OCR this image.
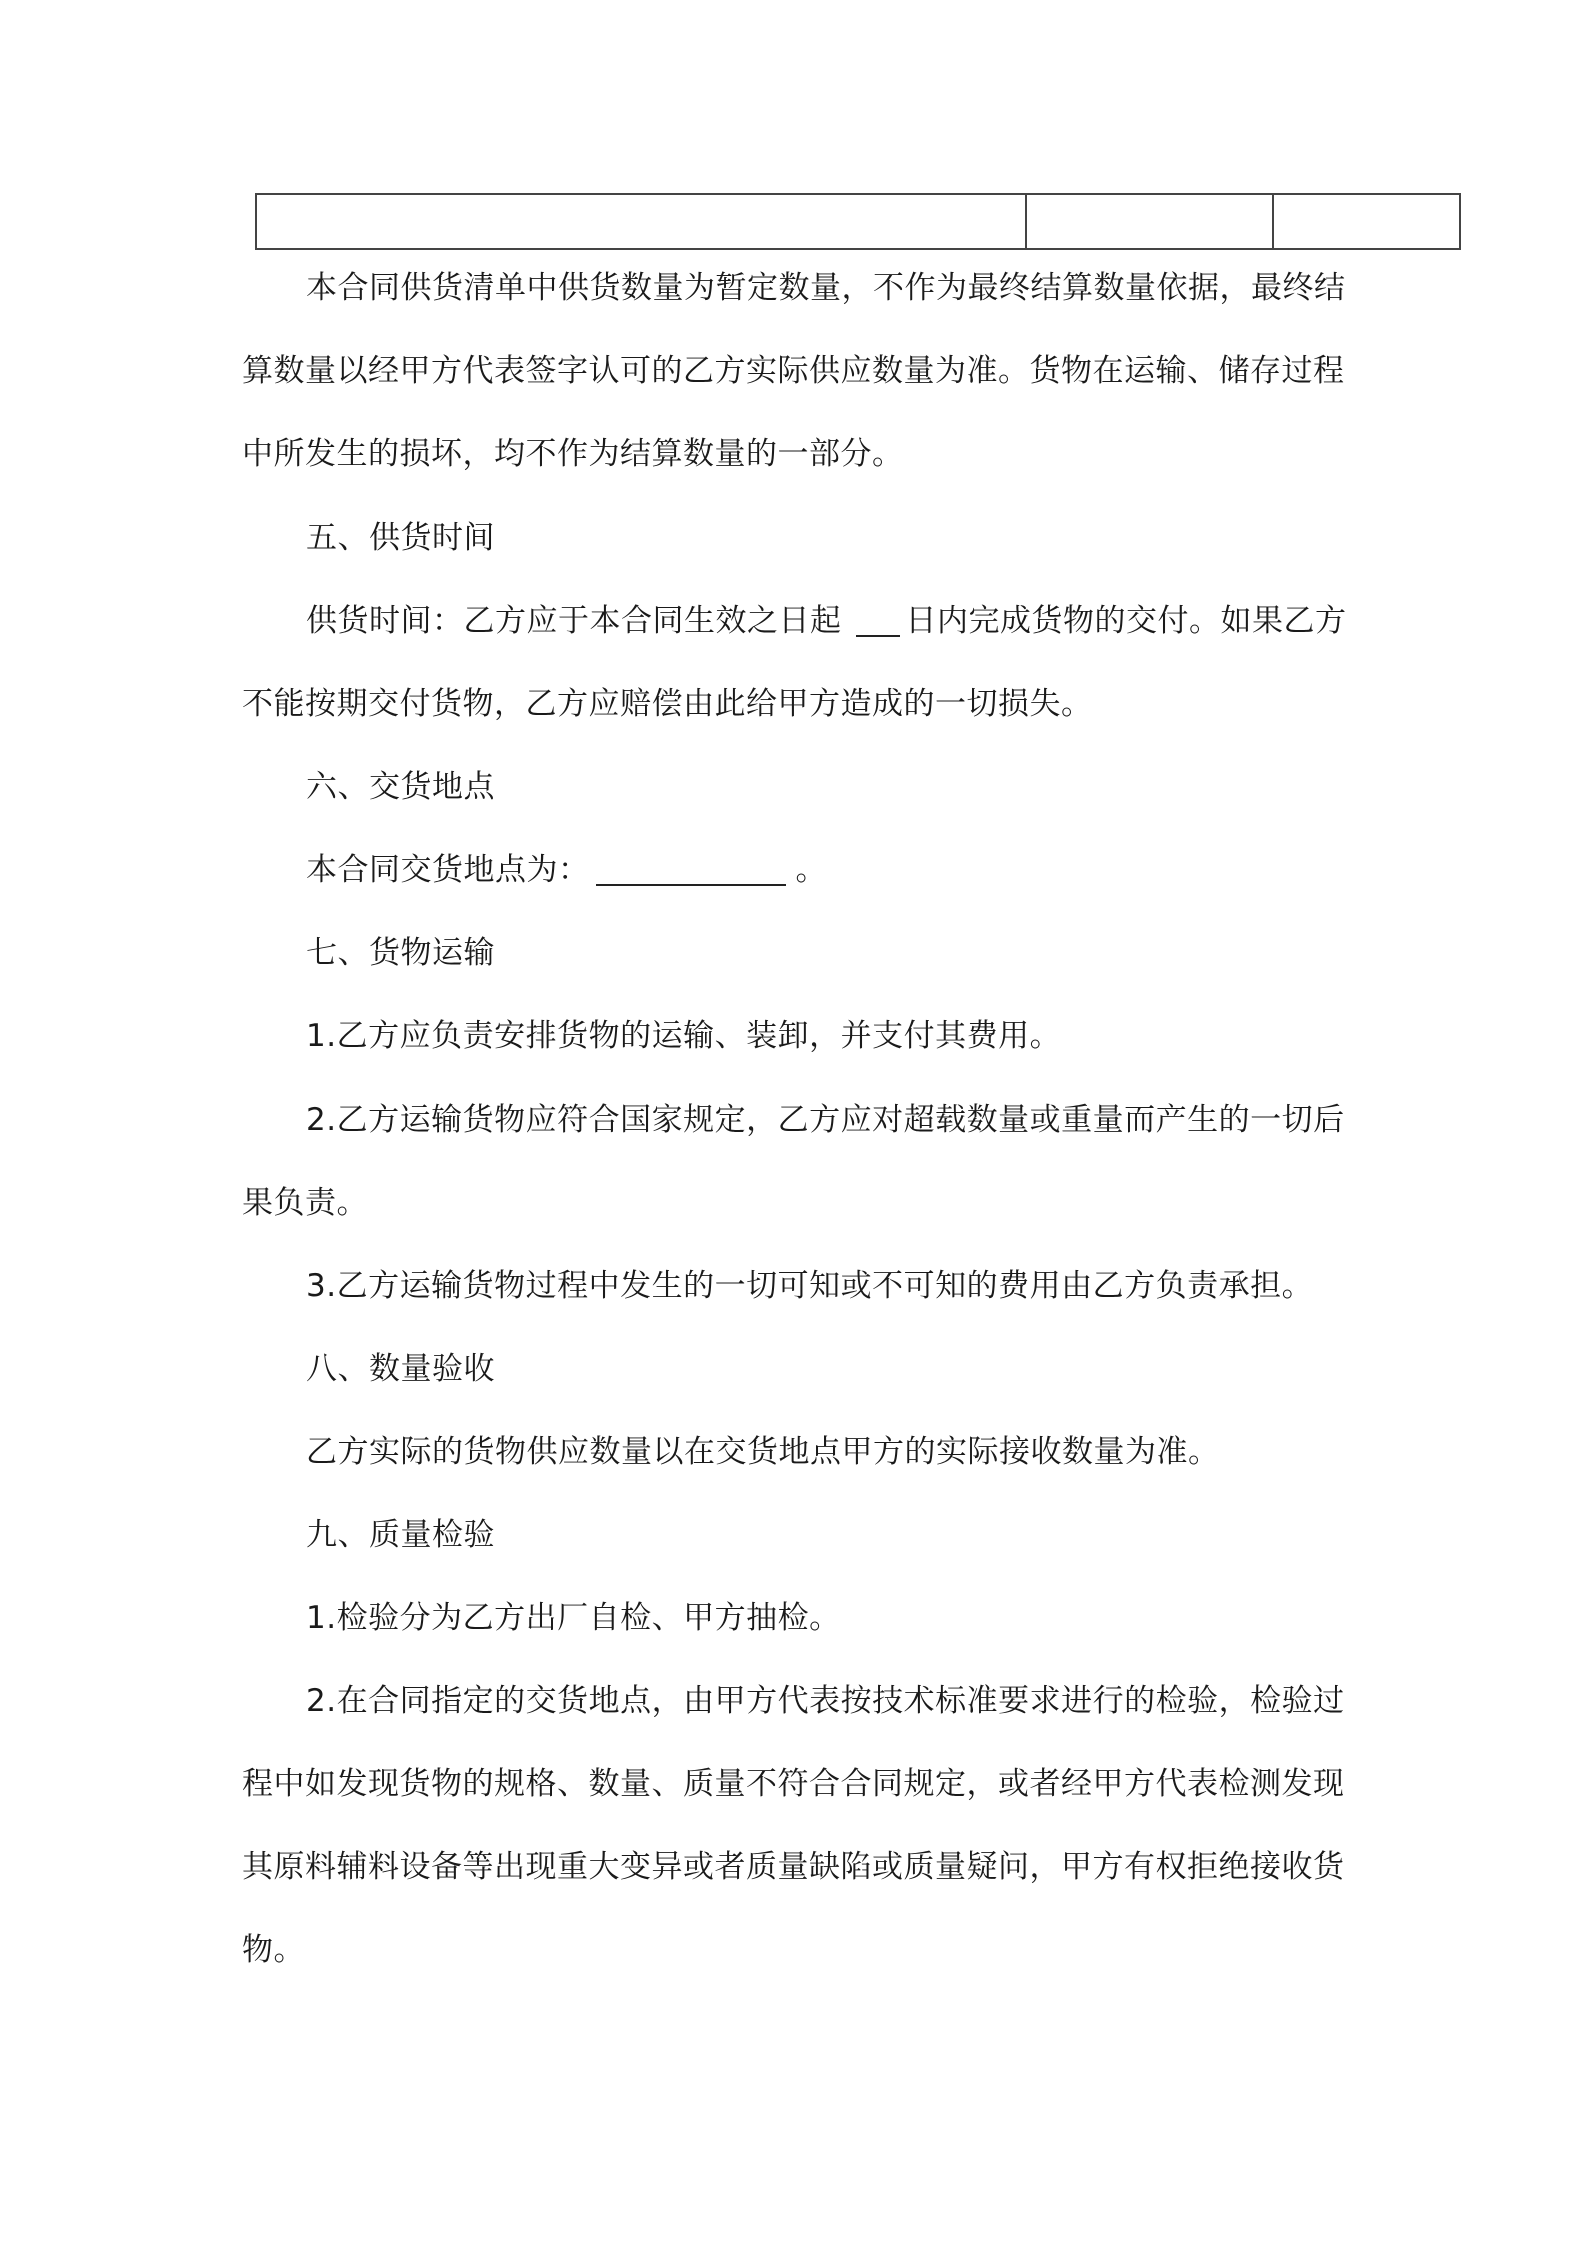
本合同供货清单中供货数量为暂定数量，不作为最终结算数量依据，最终结

算数量以经甲方代表签字认可的乙方实际供应数量为准。货物在运输、储存过程

中所发生的损坏，均不作为结算数量的一部分。

五、供货时间

供货时间：乙方应于本合同生效之日起 日内完成货物的交付。如果乙方

不能按期交付货物，乙方应赔偿由此给甲方造成的一切损失。

六、交货地点

本合同交货地点为：	。

七、货物运输

1.乙方应负责安排货物的运输、装卸，并支付其费用。

2.乙方运输货物应符合国家规定，乙方应对超载数量或重量而产生的一切后

果负责。

3.乙方运输货物过程中发生的一切可知或不可知的费用由乙方负责承担。

八、数量验收

乙方实际的货物供应数量以在交货地点甲方的实际接收数量为准。

九、质量检验

1.检验分为乙方出厂自检、甲方抽检。

2.在合同指定的交货地点，由甲方代表按技术标准要求进行的检验，检验过

程中如发现货物的规格、数量、质量不符合合同规定，或者经甲方代表检测发现

其原料辅料设备等出现重大变异或者质量缺陷或质量疑问，甲方有权拒绝接收货

物。
